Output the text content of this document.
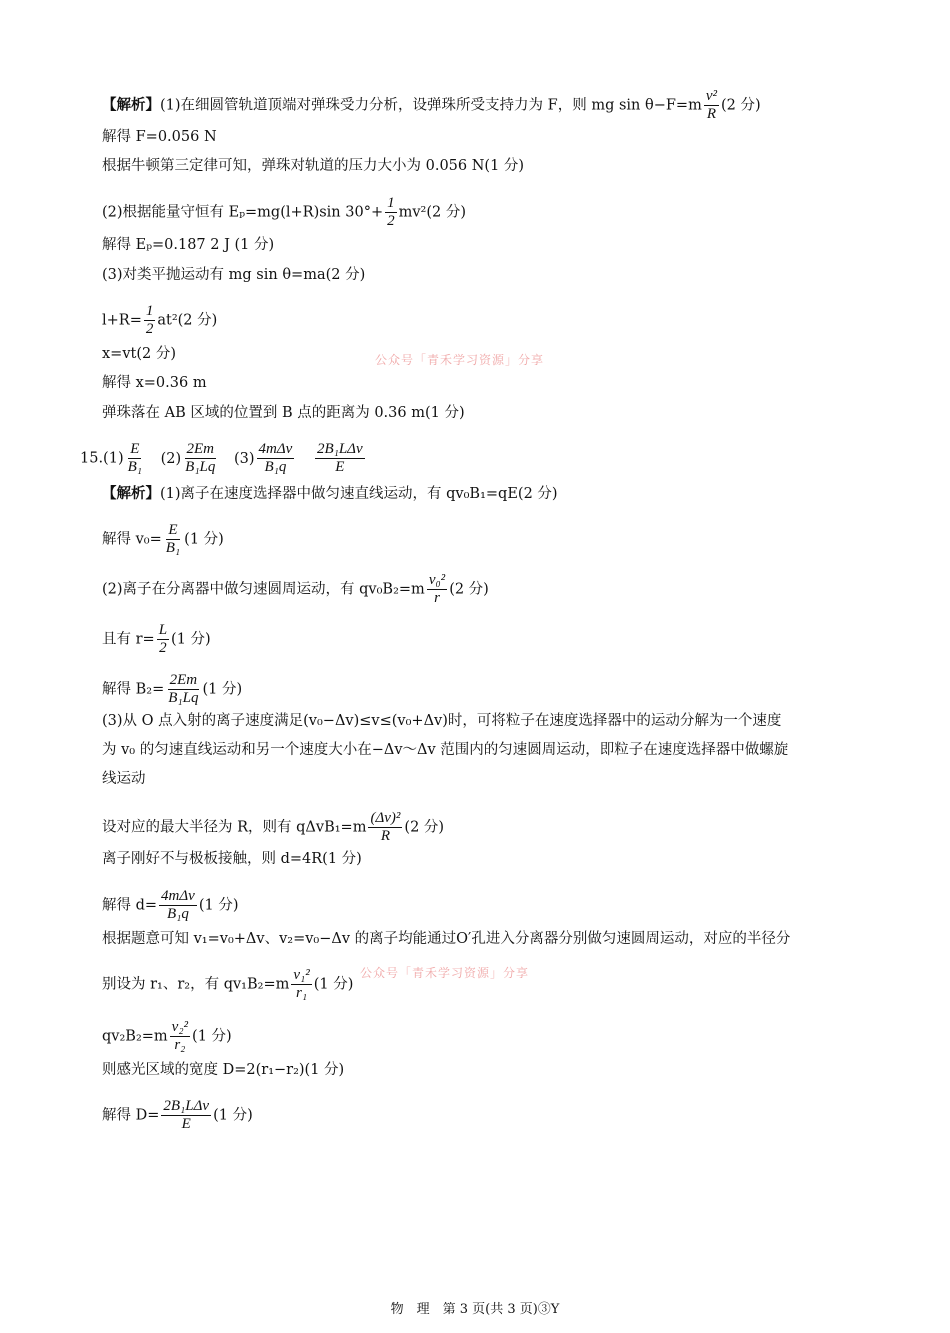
【解析】(1)在细圆管轨道顶端对弹珠受力分析，设弹珠所受支持力为 F，则 mg $\sin \theta-F=m \frac{\text{v²}}{R} (2$ 分)
解得 F=0.056 N
根据牛顿第三定律可知，弹珠对轨道的压力大小为 0.056 N(1 分)
(2)根据能量守恒有 Eₚ=mg(l+R)sin $30^\circ+ \frac{1}{2} mv^2(2$ 分)
解得 Eₚ=0.187 2 J (1 分)
(3)对类平抛运动有 mg sin θ=ma(2 分)
$l+R= \frac{1}{2} at^2(2$ 分)
x=vt(2 分)	公众号「青禾学习资源」分享
解得 x=0.36 m
弹珠落在 AB 区域的位置到 B 点的距离为 0.36 m(1 分)
$15.(1) \frac{E}{\text{B₁}} (2) \frac{2Em}{\text{B₁Lq}} (3) \frac{\text{4mΔv}}{\text{B₁q}}$
$\frac{\text{2B₁LΔv}}{E}$
【解析】(1)离子在速度选择器中做匀速直线运动，有 qv₀B₁=qE(2 分)
解得 $v_0= \frac{E}{\text{B₁}} (1$ 分)
(2)离子在分离器中做匀速圆周运动，有 $qv_0B_2=m \frac{\text{v₀²}}{r} (2$ 分)
且有 $r= \frac{L}{2} (1$ 分)
解得 $B_2= \frac{2Em}{\text{B₁Lq}} (1$ 分)
(3)从 O 点入射的离子速度满足(v₀−Δv)≤v≤(v₀+Δv)时，可将粒子在速度选择器中的运动分解为一个速度
为 v₀ 的匀速直线运动和另一个速度大小在−Δv～Δv 范围内的匀速圆周运动，即粒子在速度选择器中做螺旋
线运动
设对应的最大半径为 R，则有 $q\Delta vB_1=m \frac{\text{(Δv)²}}{R} (2$ 分)
离子刚好不与极板接触，则 d=4R(1 分)
解得 $d= \frac{\text{4mΔv}}{\text{B₁q}} (1$ 分)
根据题意可知 v₁=v₀+Δv、v₂=v₀−Δv 的离子均能通过O′孔进入分离器分别做匀速圆周运动，对应的半径分
别设为 r₁、r₂，有 $qv_1B_2=m \frac{\text{v₁²}}{\text{r₁}} (1$ 分)
公众号「青禾学习资源」分享
$qv_2B_2=m \frac{\text{v₂²}}{\text{r₂}} (1$ 分)
则感光区域的宽度 D=2(r₁−r₂)(1 分)
解得 $D= \frac{\text{2B₁LΔv}}{E} (1$ 分)
物　理　第 3 页(共 3 页)③Y
